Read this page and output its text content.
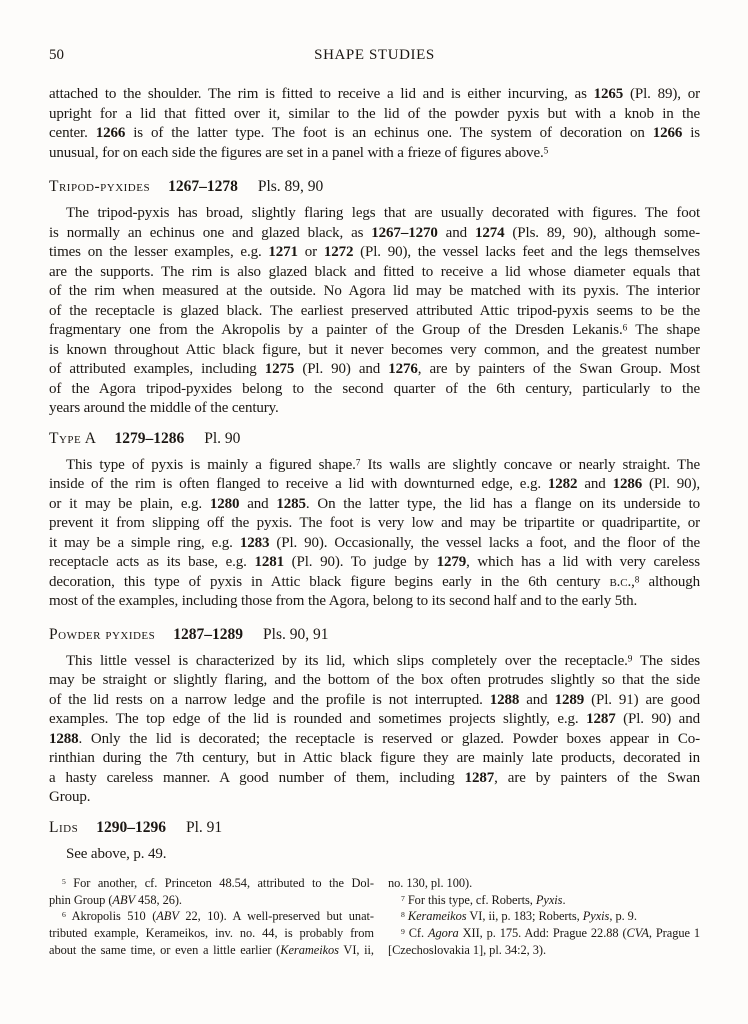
50	SHAPE STUDIES
attached to the shoulder. The rim is fitted to receive a lid and is either incurving, as 1265 (Pl. 89), or
upright for a lid that fitted over it, similar to the lid of the powder pyxis but with a knob in the
center. 1266 is of the latter type. The foot is an echinus one. The system of decoration on 1266 is
unusual, for on each side the figures are set in a panel with a frieze of figures above.$^5$
Tripod-pyxides 1267–1278 Pls. 89, 90
The tripod-pyxis has broad, slightly flaring legs that are usually decorated with figures. The foot
is normally an echinus one and glazed black, as 1267–1270 and 1274 (Pls. 89, 90), although some-
times on the lesser examples, e.g. 1271 or 1272 (Pl. 90), the vessel lacks feet and the legs themselves
are the supports. The rim is also glazed black and fitted to receive a lid whose diameter equals that
of the rim when measured at the outside. No Agora lid may be matched with its pyxis. The interior
of the receptacle is glazed black. The earliest preserved attributed Attic tripod-pyxis seems to be the
fragmentary one from the Akropolis by a painter of the Group of the Dresden Lekanis.$^6$ The shape
is known throughout Attic black figure, but it never becomes very common, and the greatest number
of attributed examples, including 1275 (Pl. 90) and 1276, are by painters of the Swan Group. Most
of the Agora tripod-pyxides belong to the second quarter of the 6th century, particularly to the
years around the middle of the century.
Type A 1279–1286 Pl. 90
This type of pyxis is mainly a figured shape.$^7$ Its walls are slightly concave or nearly straight. The
inside of the rim is often flanged to receive a lid with downturned edge, e.g. 1282 and 1286 (Pl. 90),
or it may be plain, e.g. 1280 and 1285. On the latter type, the lid has a flange on its underside to
prevent it from slipping off the pyxis. The foot is very low and may be tripartite or quadripartite, or
it may be a simple ring, e.g. 1283 (Pl. 90). Occasionally, the vessel lacks a foot, and the floor of the
receptacle acts as its base, e.g. 1281 (Pl. 90). To judge by 1279, which has a lid with very careless
decoration, this type of pyxis in Attic black figure begins early in the 6th century b.c.,$^8$ although
most of the examples, including those from the Agora, belong to its second half and to the early 5th.
Powder pyxides 1287–1289 Pls. 90, 91
This little vessel is characterized by its lid, which slips completely over the receptacle.$^9$ The sides
may be straight or slightly flaring, and the bottom of the box often protrudes slightly so that the side
of the lid rests on a narrow ledge and the profile is not interrupted. 1288 and 1289 (Pl. 91) are good
examples. The top edge of the lid is rounded and sometimes projects slightly, e.g. 1287 (Pl. 90) and
1288. Only the lid is decorated; the receptacle is reserved or glazed. Powder boxes appear in Co-
rinthian during the 7th century, but in Attic black figure they are mainly late products, decorated in
a hasty careless manner. A good number of them, including 1287, are by painters of the Swan
Group.
Lids 1290–1296 Pl. 91
See above, p. 49.
$^5$ For another, cf. Princeton 48.54, attributed to the Dol-
phin Group (ABV 458, 26).
$^6$ Akropolis 510 (ABV 22, 10). A well-preserved but unat-
tributed example, Kerameikos, inv. no. 44, is probably from
about the same time, or even a little earlier (Kerameikos VI, ii,
no. 130, pl. 100).
$^7$ For this type, cf. Roberts, Pyxis.
$^8$ Kerameikos VI, ii, p. 183; Roberts, Pyxis, p. 9.
$^9$ Cf. Agora XII, p. 175. Add: Prague 22.88 (CVA, Prague 1
[Czechoslovakia 1], pl. 34:2, 3).
